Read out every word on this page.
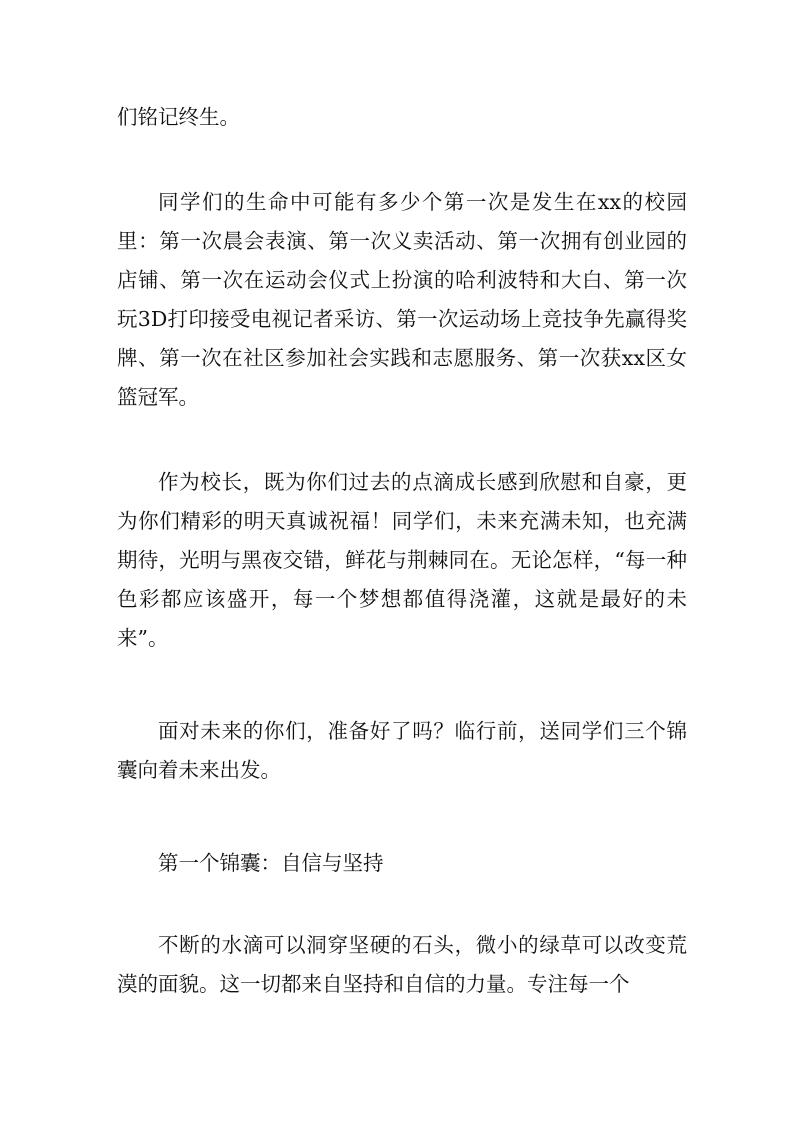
们铭记终生。

同学们的生命中可能有多少个第一次是发生在xx的校园里：第一次晨会表演、第一次义卖活动、第一次拥有创业园的店铺、第一次在运动会仪式上扮演的哈利波特和大白、第一次玩3D打印接受电视记者采访、第一次运动场上竞技争先赢得奖牌、第一次在社区参加社会实践和志愿服务、第一次获xx区女篮冠军。

作为校长，既为你们过去的点滴成长感到欣慰和自豪，更为你们精彩的明天真诚祝福！同学们，未来充满未知，也充满期待，光明与黑夜交错，鲜花与荆棘同在。无论怎样，“每一种色彩都应该盛开，每一个梦想都值得浇灌，这就是最好的未来”。

面对未来的你们，准备好了吗？临行前，送同学们三个锦囊向着未来出发。

第一个锦囊：自信与坚持

不断的水滴可以洞穿坚硬的石头，微小的绿草可以改变荒漠的面貌。这一切都来自坚持和自信的力量。专注每一个
